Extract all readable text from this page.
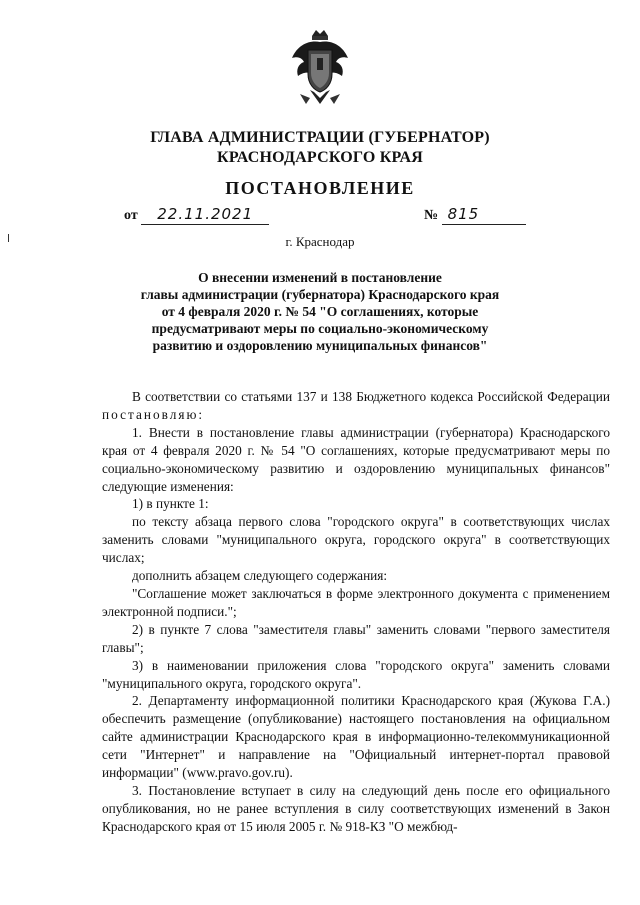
ГЛАВА АДМИНИСТРАЦИИ (ГУБЕРНАТОР)
КРАСНОДАРСКОГО КРАЯ
ПОСТАНОВЛЕНИЕ
от 22.11.2021	№ 815
г. Краснодар
О внесении изменений в постановление
главы администрации (губернатора) Краснодарского края
от 4 февраля 2020 г. № 54 "О соглашениях, которые
предусматривают меры по социально-экономическому
развитию и оздоровлению муниципальных финансов"

В соответствии со статьями 137 и 138 Бюджетного кодекса Российской Федерации постановляю:

1. Внести в постановление главы администрации (губернатора) Краснодарского края от 4 февраля 2020 г. № 54 "О соглашениях, которые предусматривают меры по социально-экономическому развитию и оздоровлению муниципальных финансов" следующие изменения:

1) в пункте 1:

по тексту абзаца первого слова "городского округа" в соответствующих числах заменить словами "муниципального округа, городского округа" в соответствующих числах;

дополнить абзацем следующего содержания:

"Соглашение может заключаться в форме электронного документа с применением электронной подписи.";

2) в пункте 7 слова "заместителя главы" заменить словами "первого заместителя главы";

3) в наименовании приложения слова "городского округа" заменить словами "муниципального округа, городского округа".

2. Департаменту информационной политики Краснодарского края (Жукова Г.А.) обеспечить размещение (опубликование) настоящего постановления на официальном сайте администрации Краснодарского края в информационно-телекоммуникационной сети "Интернет" и направление на "Официальный интернет-портал правовой информации" (www.pravo.gov.ru).

3. Постановление вступает в силу на следующий день после его официального опубликования, но не ранее вступления в силу соответствующих изменений в Закон Краснодарского края от 15 июля 2005 г. № 918-КЗ "О межбюд-
